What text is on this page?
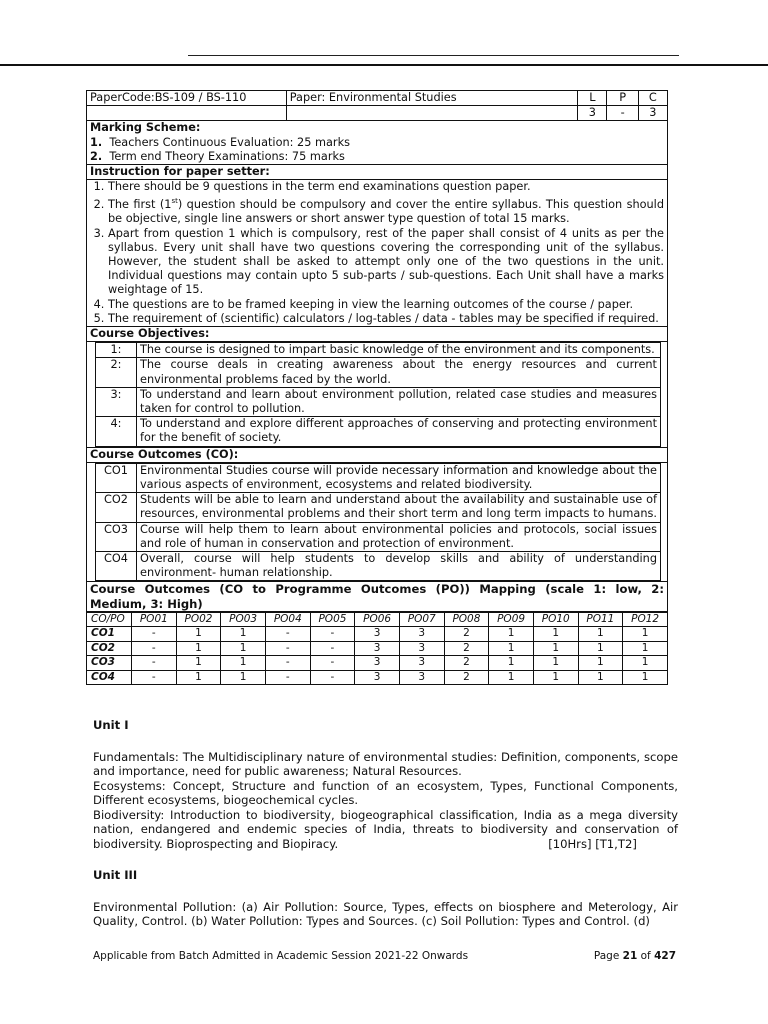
PaperCode:BS-109 / BS-110	Paper: Environmental Studies	L	P	C
		3	-	3
Marking Scheme:
1. Teachers Continuous Evaluation: 25 marks
2. Term end Theory Examinations: 75 marks

Instruction for paper setter:

1. There should be 9 questions in the term end examinations question paper.
2. The first (1st) question should be compulsory and cover the entire syllabus. This question should be objective, single line answers or short answer type question of total 15 marks.
3. Apart from question 1 which is compulsory, rest of the paper shall consist of 4 units as per the syllabus. Every unit shall have two questions covering the corresponding unit of the syllabus. However, the student shall be asked to attempt only one of the two questions in the unit. Individual questions may contain upto 5 sub-parts / sub-questions. Each Unit shall have a marks weightage of 15.
4. The questions are to be framed keeping in view the learning outcomes of the course / paper.
5. The requirement of (scientific) calculators / log-tables / data - tables may be specified if required.

Course Objectives:

1:	The course is designed to impart basic knowledge of the environment and its components.
2:	The course deals in creating awareness about the energy resources and current environmental problems faced by the world.
3:	To understand and learn about environment pollution, related case studies and measures taken for control to pollution.
4:	To understand and explore different approaches of conserving and protecting environment for the benefit of society.

Course Outcomes (CO):

CO1	Environmental Studies course will provide necessary information and knowledge about the various aspects of environment, ecosystems and related biodiversity.
CO2	Students will be able to learn and understand about the availability and sustainable use of resources, environmental problems and their short term and long term impacts to humans.
CO3	Course will help them to learn about environmental policies and protocols, social issues and role of human in conservation and protection of environment.
CO4	Overall, course will help students to develop skills and ability of understanding environment- human relationship.

Course Outcomes (CO to Programme Outcomes (PO)) Mapping (scale 1: low, 2: Medium, 3: High)
CO/PO	PO01	PO02	PO03	PO04	PO05	PO06	PO07	PO08	PO09	PO10	PO11	PO12
CO1	-	1	1	-	-	3	3	2	1	1	1	1
CO2	-	1	1	-	-	3	3	2	1	1	1	1
CO3	-	1	1	-	-	3	3	2	1	1	1	1
CO4	-	1	1	-	-	3	3	2	1	1	1	1
Unit I

Fundamentals: The Multidisciplinary nature of environmental studies: Definition, components, scope and importance, need for public awareness; Natural Resources.

Ecosystems: Concept, Structure and function of an ecosystem, Types, Functional Components, Different ecosystems, biogeochemical cycles.

Biodiversity: Introduction to biodiversity, biogeographical classification, India as a mega diversity nation, endangered and endemic species of India, threats to biodiversity and conservation of biodiversity. Bioprospecting and Biopiracy.	[10Hrs] [T1,T2]

Unit III

Environmental Pollution: (a) Air Pollution: Source, Types, effects on biosphere and Meterology, Air Quality, Control. (b) Water Pollution: Types and Sources. (c) Soil Pollution: Types and Control. (d)

Applicable from Batch Admitted in Academic Session 2021-22 Onwards	Page 21 of 427
